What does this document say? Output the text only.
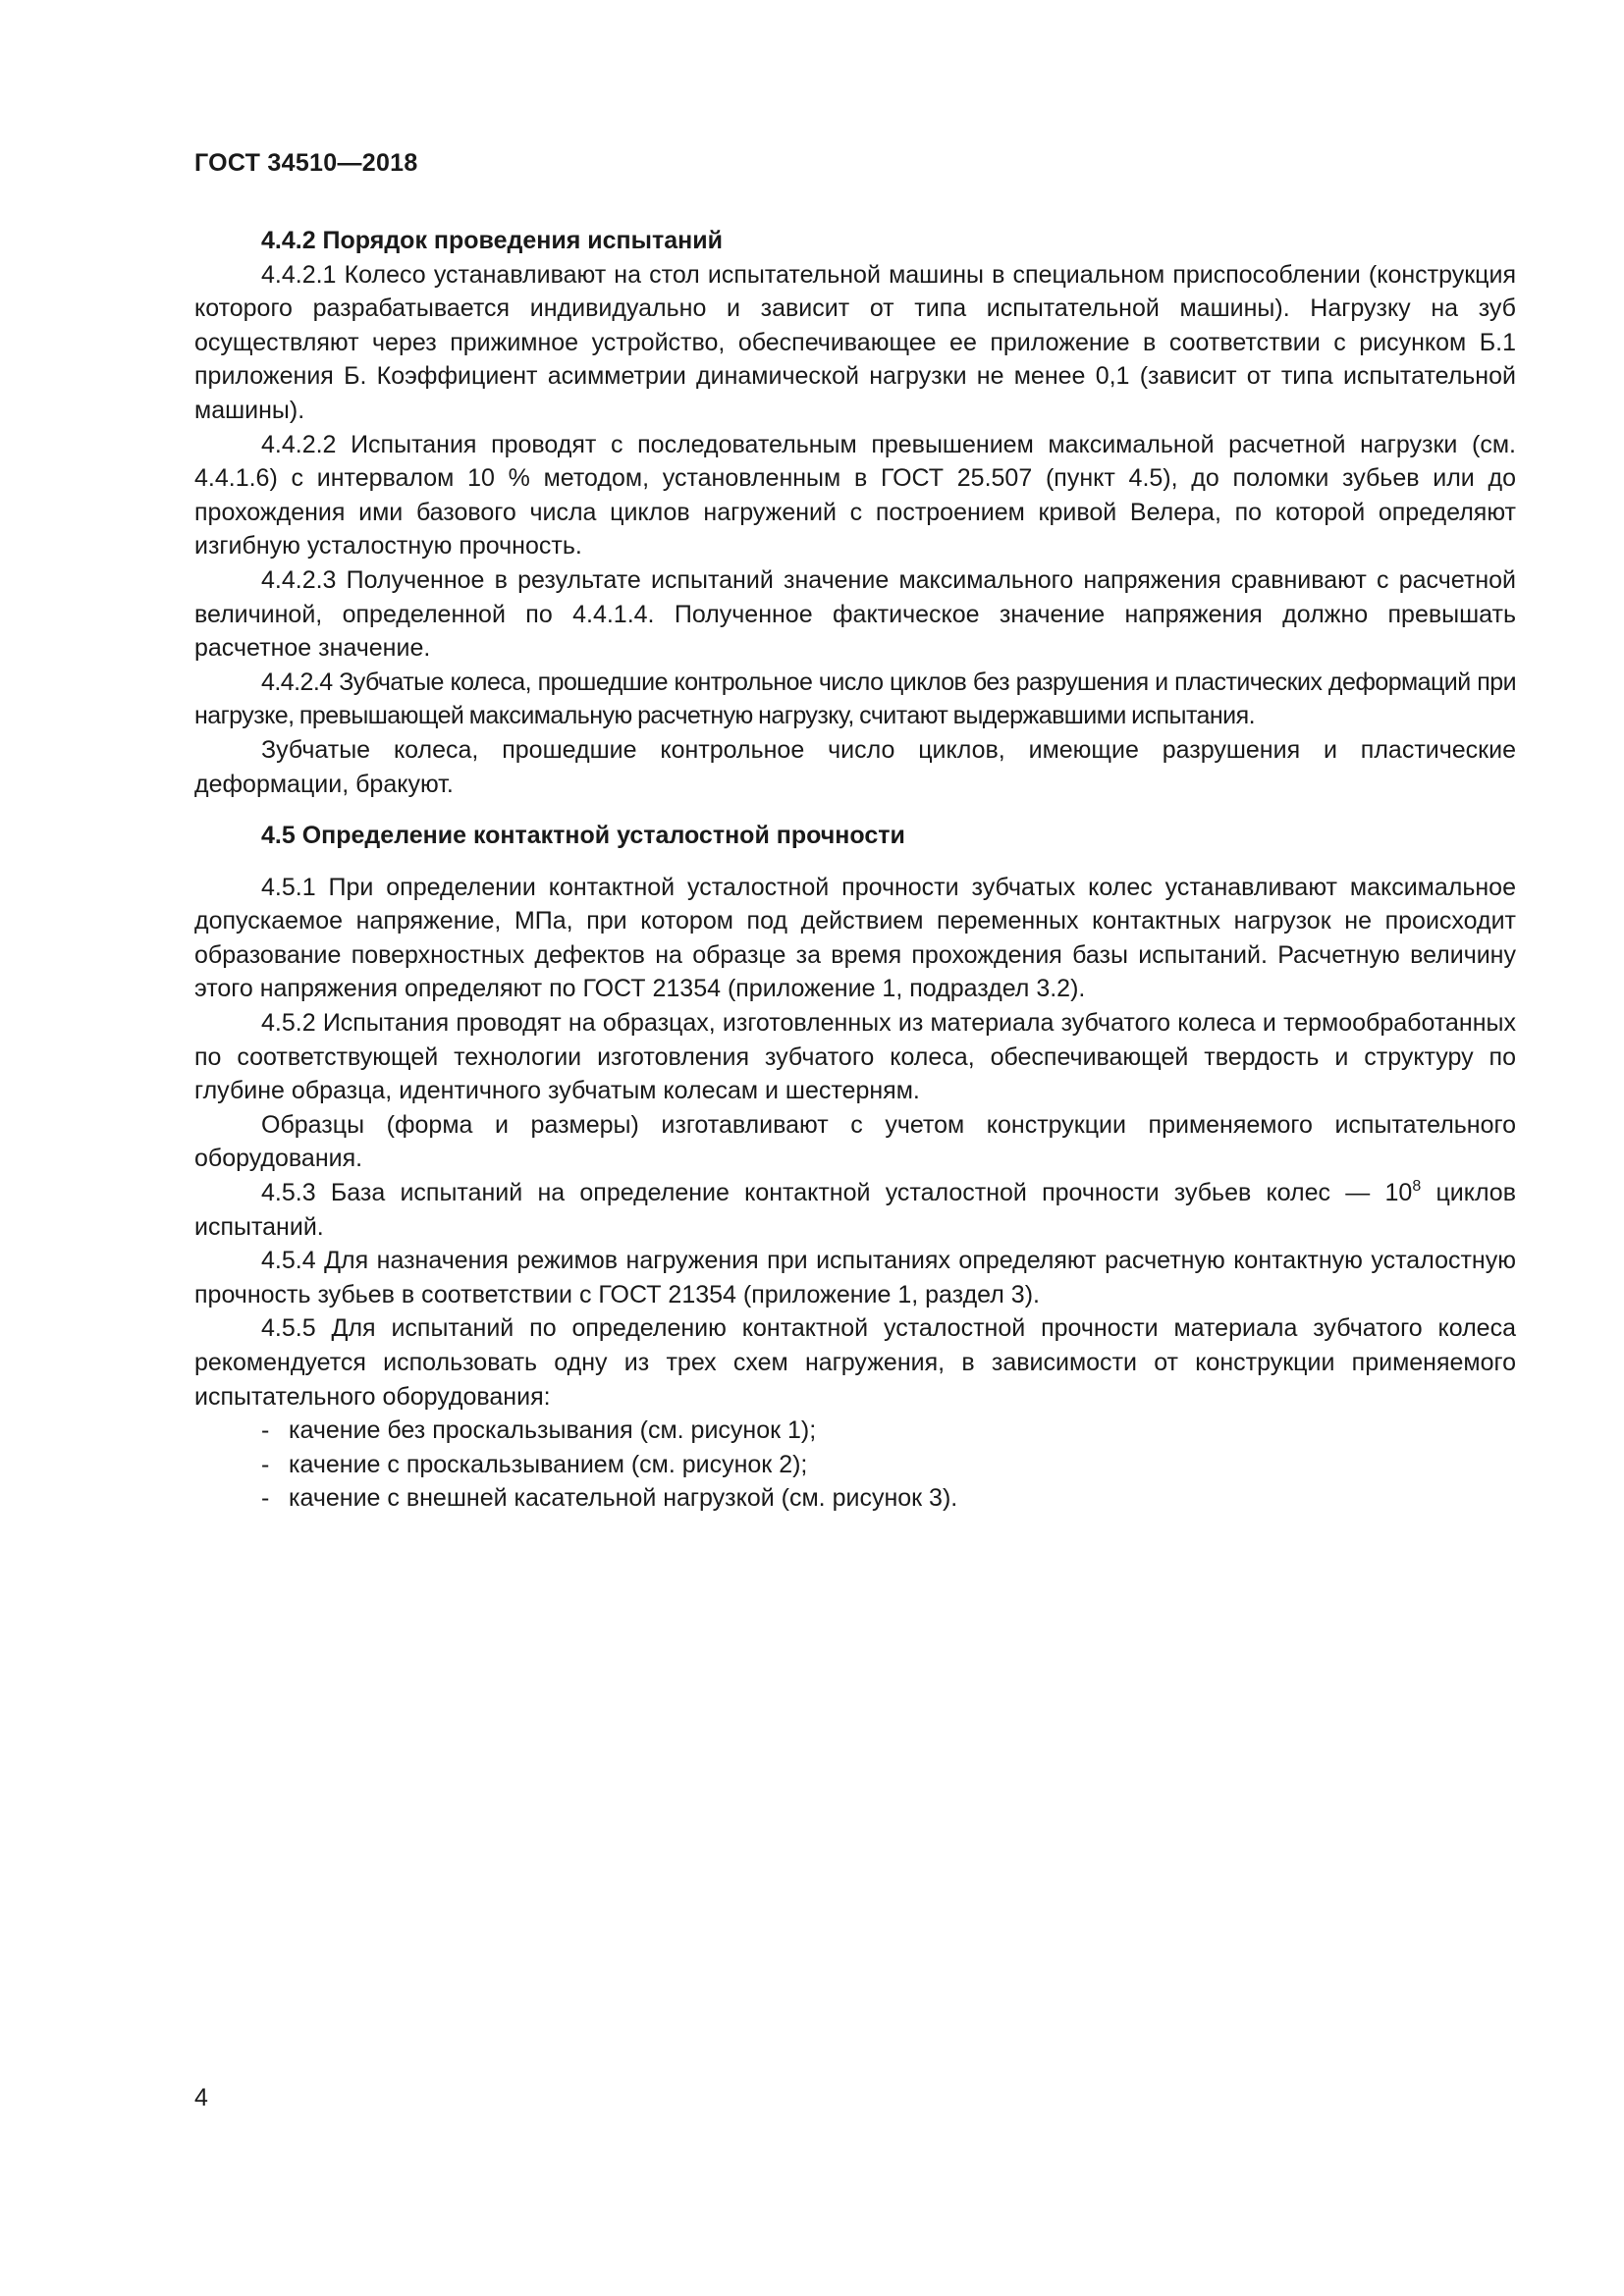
ГОСТ 34510—2018
4.4.2 Порядок проведения испытаний

4.4.2.1 Колесо устанавливают на стол испытательной машины в специальном приспособлении (конструкция которого разрабатывается индивидуально и зависит от типа испытательной машины). Нагрузку на зуб осуществляют через прижимное устройство, обеспечивающее ее приложение в соответствии с рисунком Б.1 приложения Б. Коэффициент асимметрии динамической нагрузки не менее 0,1 (зависит от типа испытательной машины).

4.4.2.2 Испытания проводят с последовательным превышением максимальной расчетной нагрузки (см. 4.4.1.6) с интервалом 10 % методом, установленным в ГОСТ 25.507 (пункт 4.5), до поломки зубьев или до прохождения ими базового числа циклов нагружений с построением кривой Велера, по которой определяют изгибную усталостную прочность.

4.4.2.3 Полученное в результате испытаний значение максимального напряжения сравнивают с расчетной величиной, определенной по 4.4.1.4. Полученное фактическое значение напряжения должно превышать расчетное значение.

4.4.2.4 Зубчатые колеса, прошедшие контрольное число циклов без разрушения и пластических деформаций при нагрузке, превышающей максимальную расчетную нагрузку, считают выдержавшими испытания.

Зубчатые колеса, прошедшие контрольное число циклов, имеющие разрушения и пластические деформации, бракуют.

4.5 Определение контактной усталостной прочности

4.5.1 При определении контактной усталостной прочности зубчатых колес устанавливают максимальное допускаемое напряжение, МПа, при котором под действием переменных контактных нагрузок не происходит образование поверхностных дефектов на образце за время прохождения базы испытаний. Расчетную величину этого напряжения определяют по ГОСТ 21354 (приложение 1, подраздел 3.2).

4.5.2 Испытания проводят на образцах, изготовленных из материала зубчатого колеса и термообработанных по соответствующей технологии изготовления зубчатого колеса, обеспечивающей твердость и структуру по глубине образца, идентичного зубчатым колесам и шестерням.

Образцы (форма и размеры) изготавливают с учетом конструкции применяемого испытательного оборудования.

4.5.3 База испытаний на определение контактной усталостной прочности зубьев колес — $10^8$ циклов испытаний.

4.5.4 Для назначения режимов нагружения при испытаниях определяют расчетную контактную усталостную прочность зубьев в соответствии с ГОСТ 21354 (приложение 1, раздел 3).

4.5.5 Для испытаний по определению контактной усталостной прочности материала зубчатого колеса рекомендуется использовать одну из трех схем нагружения, в зависимости от конструкции применяемого испытательного оборудования:

- качение без проскальзывания (см. рисунок 1);
- качение с проскальзыванием (см. рисунок 2);
- качение с внешней касательной нагрузкой (см. рисунок 3).
4
